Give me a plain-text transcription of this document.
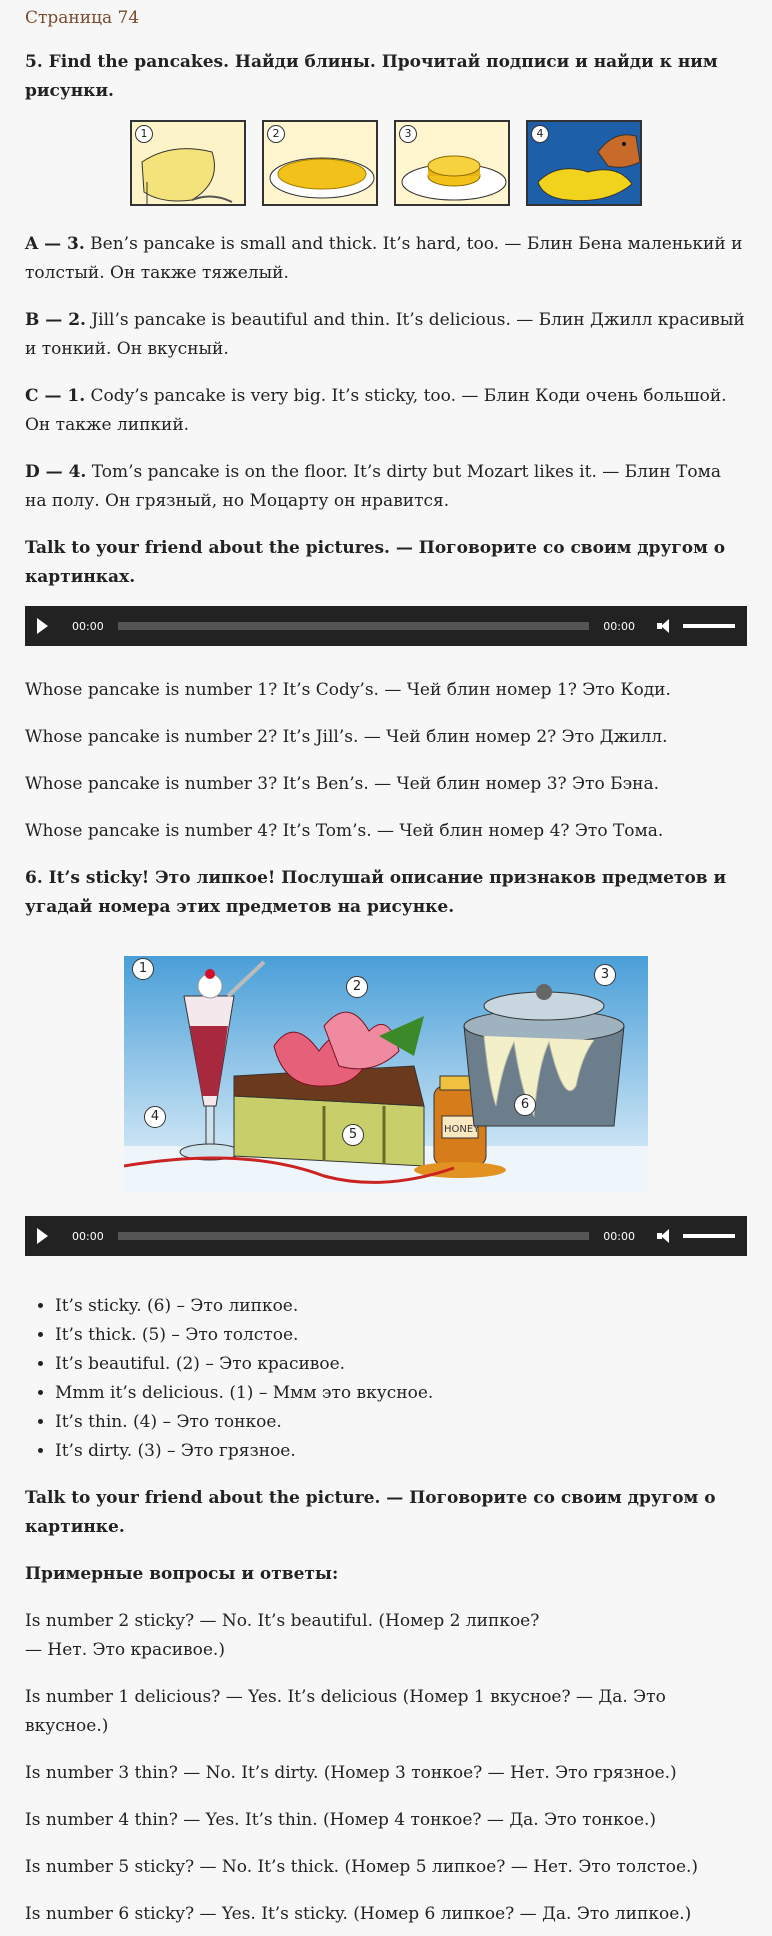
Страница 74
5. Find the pancakes. Найди блины. Прочитай подписи и найди к ним рисунки.
1	2	3	4

A — 3. Ben’s pancake is small and thick. It’s hard, too. — Блин Бена маленький и толстый. Он также тяжелый.

B — 2. Jill’s pancake is beautiful and thin. It’s delicious. — Блин Джилл красивый и тонкий. Он вкусный.

C — 1. Cody’s pancake is very big. It’s sticky, too. — Блин Коди очень большой. Он также липкий.

D — 4. Tom’s pancake is on the floor. It’s dirty but Mozart likes it. — Блин Тома на полу. Он грязный, но Моцарту он нравится.

Talk to your friend about the pictures. — Поговорите со своим другом о картинках.
00:00	00:00

Whose pancake is number 1? It’s Cody’s. — Чей блин номер 1? Это Коди.

Whose pancake is number 2? It’s Jill’s. — Чей блин номер 2? Это Джилл.

Whose pancake is number 3? It’s Ben’s. — Чей блин номер 3? Это Бэна.

Whose pancake is number 4? It’s Tom’s. — Чей блин номер 4? Это Тома.

6. It’s sticky! Это липкое! Послушай описание признаков предметов и угадай номера этих предметов на рисунке.
HONEY
1
2
3
4
5
6
00:00	00:00
• It’s sticky. (6) – Это липкое.
• It’s thick. (5) – Это толстое.
• It’s beautiful. (2) – Это красивое.
• Mmm it’s delicious. (1) – Ммм это вкусное.
• It’s thin. (4) – Это тонкое.
• It’s dirty. (3) – Это грязное.
Talk to your friend about the picture. — Поговорите со своим другом о картинке.
Примерные вопросы и ответы:

Is number 2 sticky? — No. It’s beautiful. (Номер 2 липкое?
— Нет. Это красивое.)

Is number 1 delicious? — Yes. It’s delicious (Номер 1 вкусное? — Да. Это вкусное.)

Is number 3 thin? — No. It’s dirty. (Номер 3 тонкое? — Нет. Это грязное.)

Is number 4 thin? — Yes. It’s thin. (Номер 4 тонкое? — Да. Это тонкое.)

Is number 5 sticky? — No. It’s thick. (Номер 5 липкое? — Нет. Это толстое.)

Is number 6 sticky? — Yes. It’s sticky. (Номер 6 липкое? — Да. Это липкое.)
